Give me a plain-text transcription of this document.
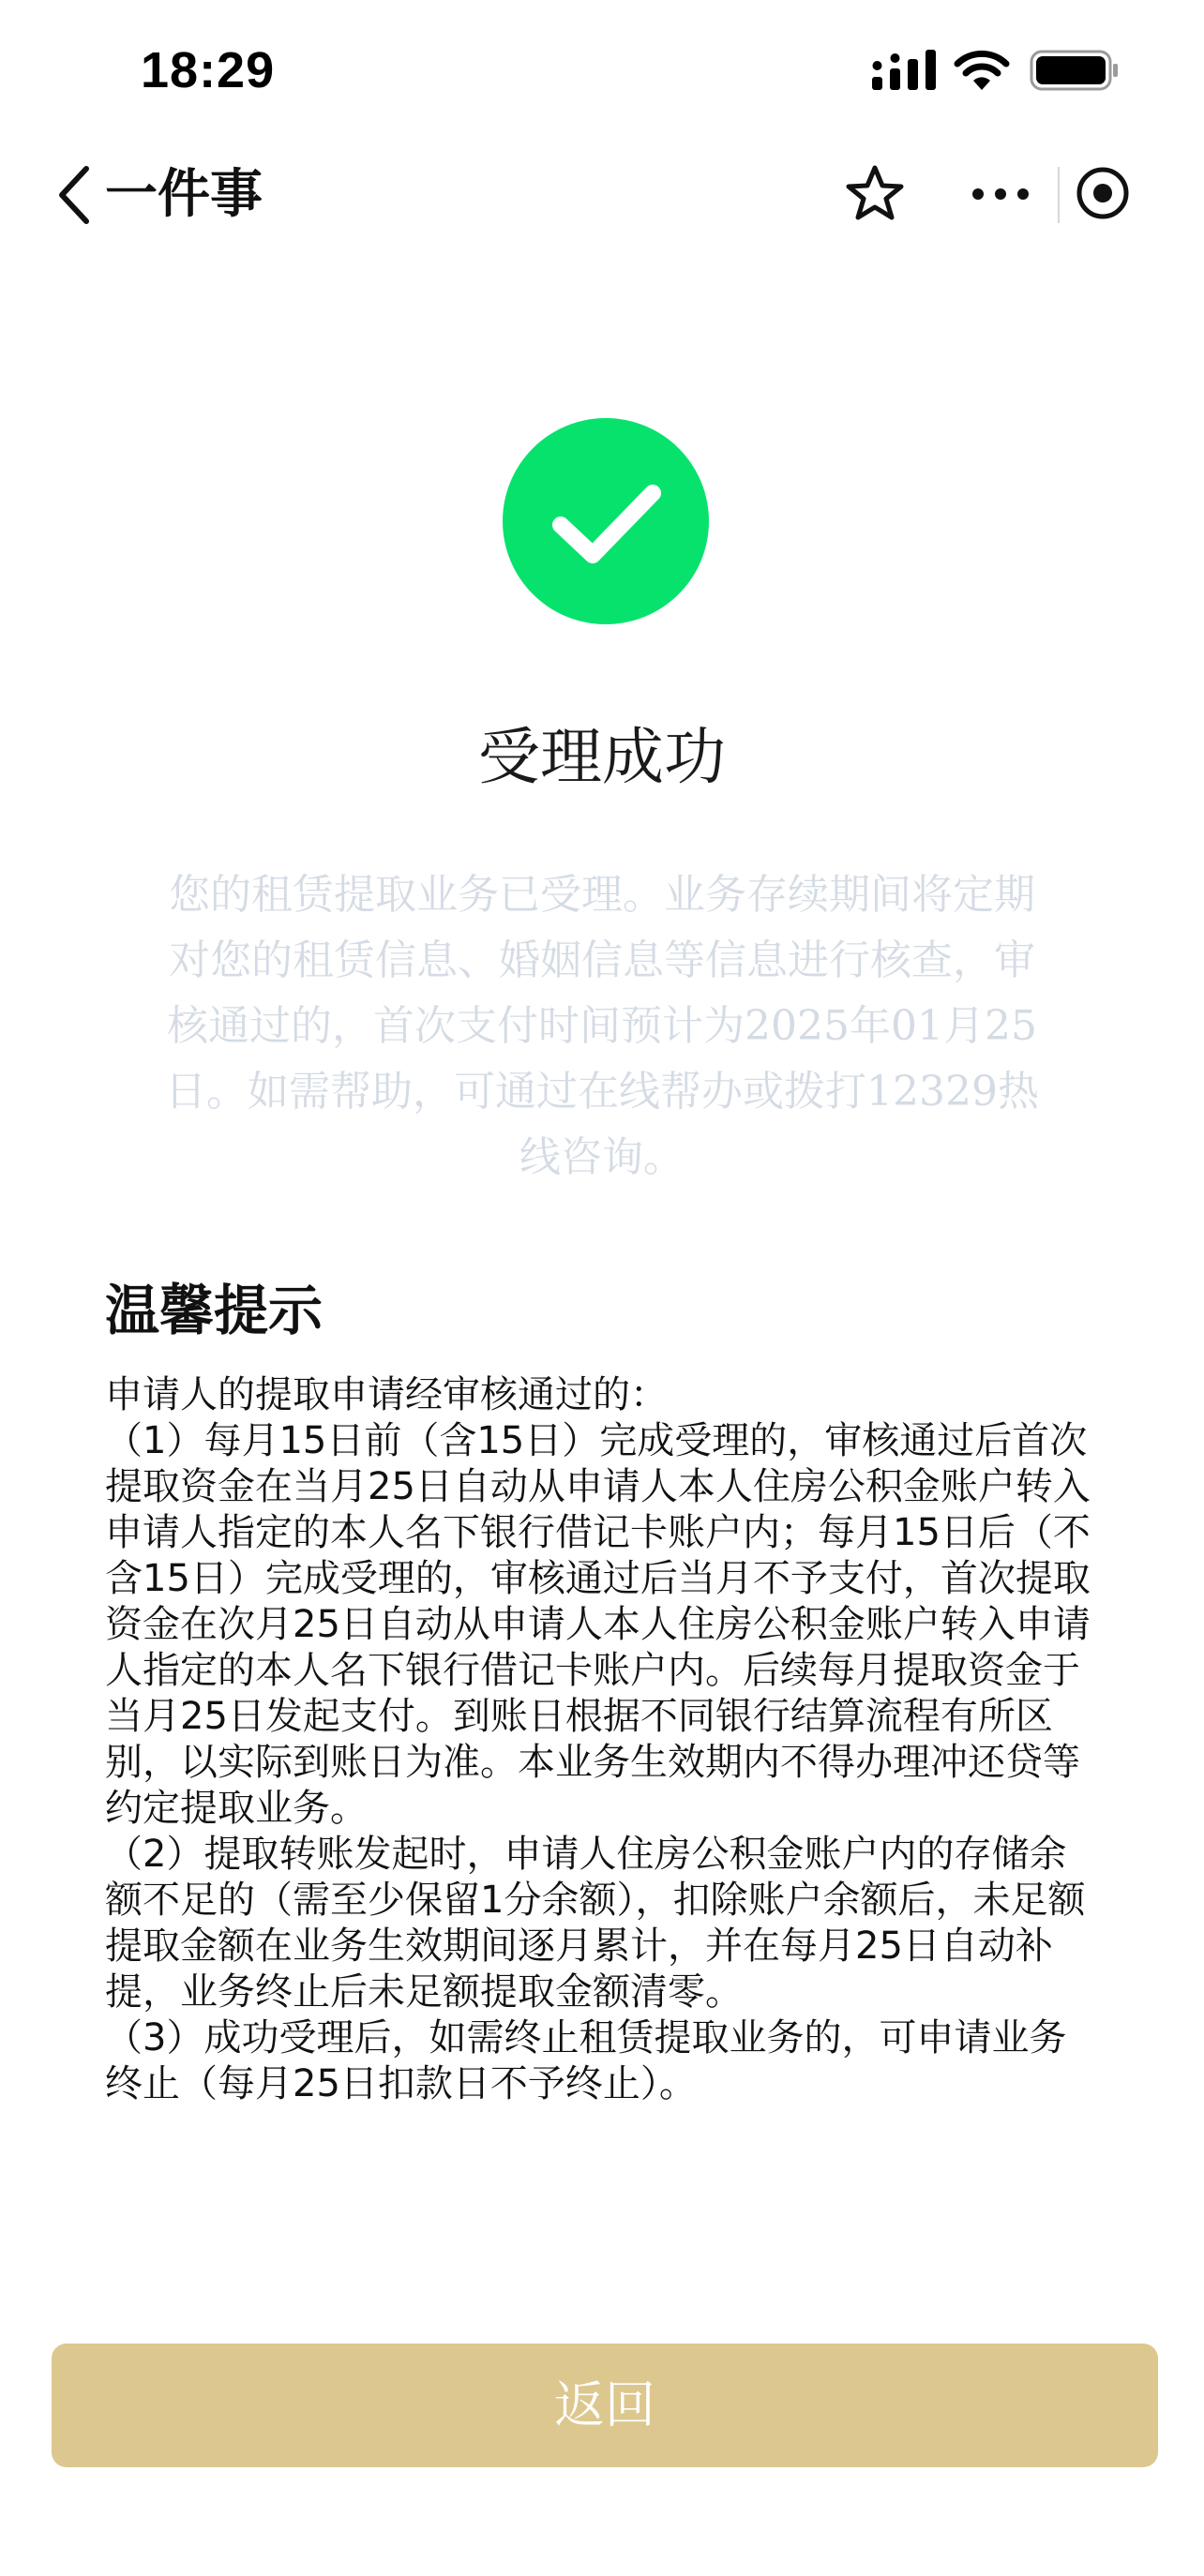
18:29
一件事
受理成功
您的租赁提取业务已受理。业务存续期间将定期对您的租赁信息、婚姻信息等信息进行核查，审核通过的，首次支付时间预计为2025年01月25日。如需帮助，可通过在线帮办或拨打12329热线咨询。
温馨提示

申请人的提取申请经审核通过的：

（1）每月15日前（含15日）完成受理的，审核通过后首次提取资金在当月25日自动从申请人本人住房公积金账户转入申请人指定的本人名下银行借记卡账户内；每月15日后（不含15日）完成受理的，审核通过后当月不予支付，首次提取资金在次月25日自动从申请人本人住房公积金账户转入申请人指定的本人名下银行借记卡账户内。后续每月提取资金于当月25日发起支付。到账日根据不同银行结算流程有所区别，以实际到账日为准。本业务生效期内不得办理冲还贷等约定提取业务。

（2）提取转账发起时，申请人住房公积金账户内的存储余额不足的（需至少保留1分余额），扣除账户余额后，未足额提取金额在业务生效期间逐月累计，并在每月25日自动补提，业务终止后未足额提取金额清零。

（3）成功受理后，如需终止租赁提取业务的，可申请业务终止（每月25日扣款日不予终止）。

返回
